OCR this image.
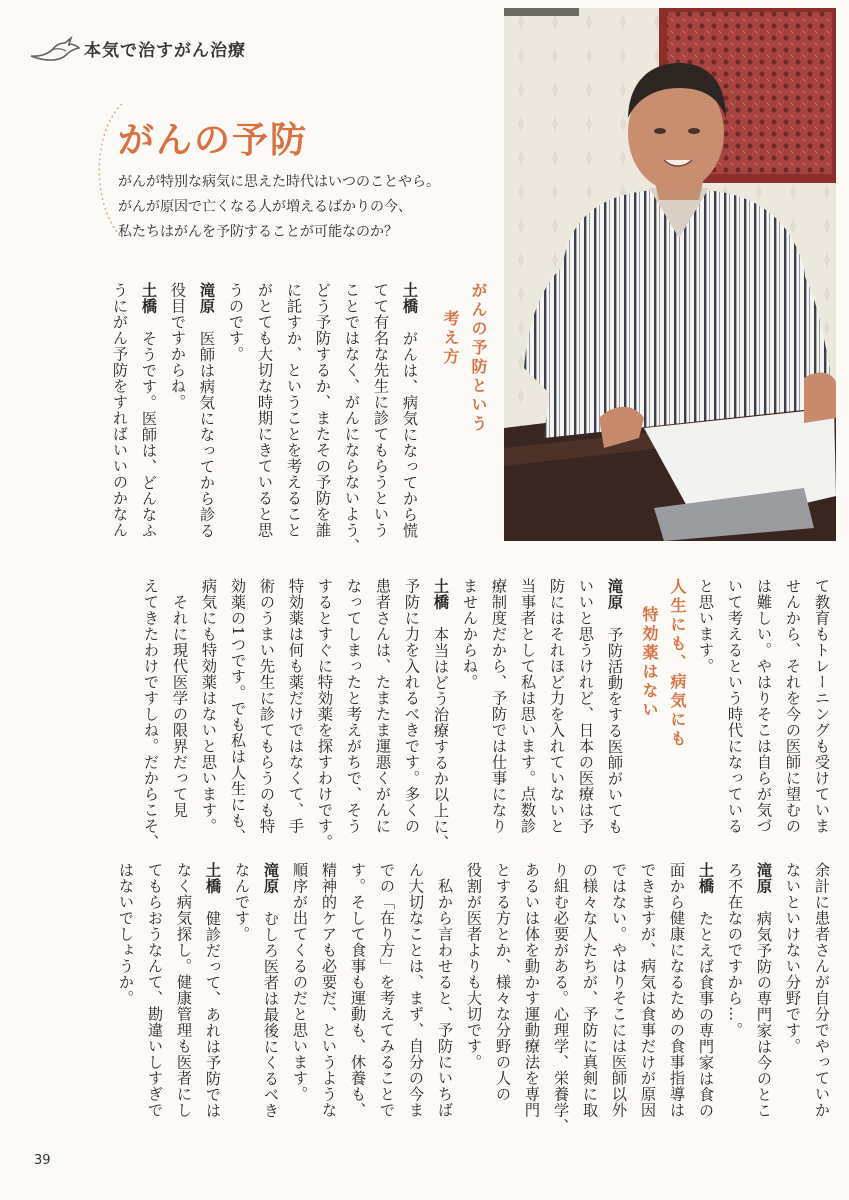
本気で治すがん治療
がんの予防
がんが特別な病気に思えた時代はいつのことやら。
がんが原因で亡くなる人が増えるばかりの今、
私たちはがんを予防することが可能なのか？

がんの予防という
考え方

土橋　がんは、病気になってから慌
てて有名な先生に診てもらうという
ことではなく、がんにならないよう、
どう予防するか、またその予防を誰
に託すか、ということを考えること
がとても大切な時期にきていると思
うのです。

滝原　医師は病気になってから診る
役目ですからね。

土橋　そうです。医師は、どんなふ
うにがん予防をすればいいのかなん

て教育もトレーニングも受けていま
せんから、それを今の医師に望むの
は難しい。やはりそこは自らが気づ
いて考えるという時代になっている
と思います。

人生にも、病気にも
特効薬はない

滝原　予防活動をする医師がいても
いいと思うけれど、日本の医療は予
防にはそれほど力を入れていないと
当事者として私は思います。点数診
療制度だから、予防では仕事になり
ませんからね。

土橋　本当はどう治療するか以上に、
予防に力を入れるべきです。多くの
患者さんは、たまたま運悪くがんに
なってしまったと考えがちで、そう
するとすぐに特効薬を探すわけです。
特効薬は何も薬だけではなくて、手
術のうまい先生に診てもらうのも特
効薬の1つです。でも私は人生にも、
病気にも特効薬はないと思います。
　それに現代医学の限界だって見
えてきたわけですしね。だからこそ、

余計に患者さんが自分でやっていか
ないといけない分野です。

滝原　病気予防の専門家は今のとこ
ろ不在なのですから…。

土橋　たとえば食事の専門家は食の
面から健康になるための食事指導は
できますが、病気は食事だけが原因
ではない。やはりそこには医師以外
の様々な人たちが、予防に真剣に取
り組む必要がある。心理学、栄養学、
あるいは体を動かす運動療法を専門
とする方とか、様々な分野の人の
役割が医者よりも大切です。
　私から言わせると、予防にいちば
ん大切なことは、まず、自分の今ま
での「在り方」を考えてみることで
す。そして食事も運動も、休養も、
精神的ケアも必要だ、というような
順序が出てくるのだと思います。

滝原　むしろ医者は最後にくるべき
なんです。

土橋　健診だって、あれは予防では
なく病気探し。健康管理も医者にし
てもらおうなんて、勘違いしすぎで
はないでしょうか。

39
